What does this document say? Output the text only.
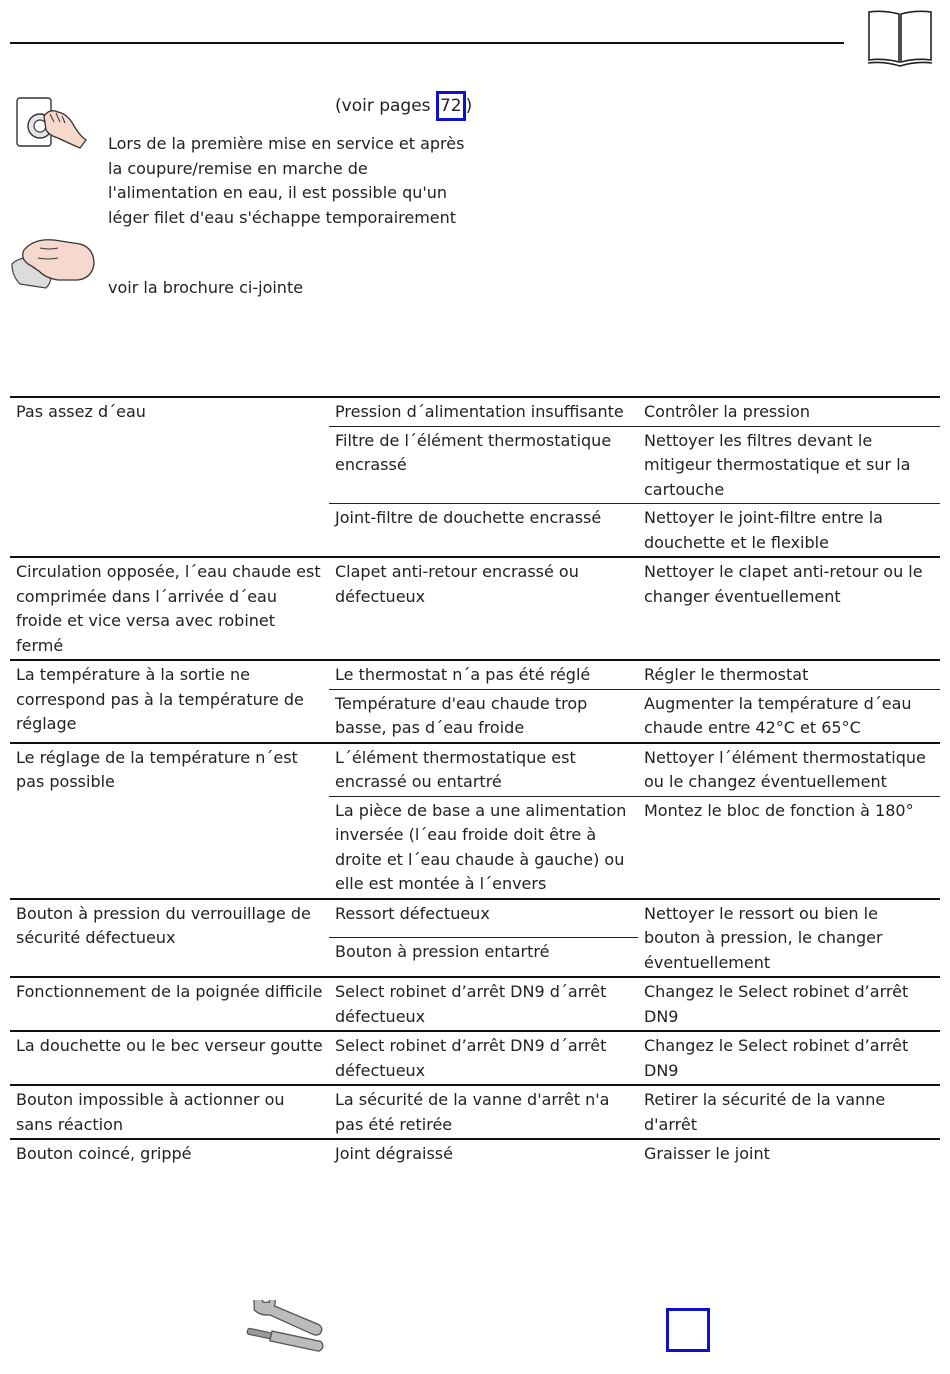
(voir pages 72 )
Lors de la première mise en service et après la coupure/remise en marche de l'alimentation en eau, il est possible qu'un léger filet d'eau s'échappe temporairement
voir la brochure ci-jointe
Pas assez d´eau	Pression d´alimentation insuffisante	Contrôler la pression
	Filtre de l´élément thermostatique encrassé	Nettoyer les filtres devant le mitigeur thermostatique et sur la cartouche
	Joint-filtre de douchette encrassé	Nettoyer le joint-filtre entre la douchette et le flexible
Circulation opposée, l´eau chaude est comprimée dans l´arrivée d´eau froide et vice versa avec robinet fermé	Clapet anti-retour encrassé ou défectueux	Nettoyer le clapet anti-retour ou le changer éventuellement
La température à la sortie ne correspond pas à la température de réglage	Le thermostat n´a pas été réglé	Régler le thermostat
	Température d'eau chaude trop basse, pas d´eau froide	Augmenter la température d´eau chaude entre 42°C et 65°C
Le réglage de la température n´est pas possible	L´élément thermostatique est encrassé ou entartré	Nettoyer l´élément thermostatique ou le changez éventuellement
	La pièce de base a une alimentation inversée (l´eau froide doit être à droite et l´eau chaude à gauche) ou elle est montée à l´envers	Montez le bloc de fonction à 180°
Bouton à pression du verrouillage de sécurité défectueux	Ressort défectueux	Nettoyer le ressort ou bien le bouton à pression, le changer éventuellement
	Bouton à pression entartré	
Fonctionnement de la poignée difficile	Select robinet d’arrêt DN9 d´arrêt défectueux	Changez le Select robinet d’arrêt DN9
La douchette ou le bec verseur goutte	Select robinet d’arrêt DN9 d´arrêt défectueux	Changez le Select robinet d’arrêt DN9
Bouton impossible à actionner ou sans réaction	La sécurité de la vanne d'arrêt n'a pas été retirée	Retirer la sécurité de la vanne d'arrêt
Bouton coincé, grippé	Joint dégraissé	Graisser le joint
